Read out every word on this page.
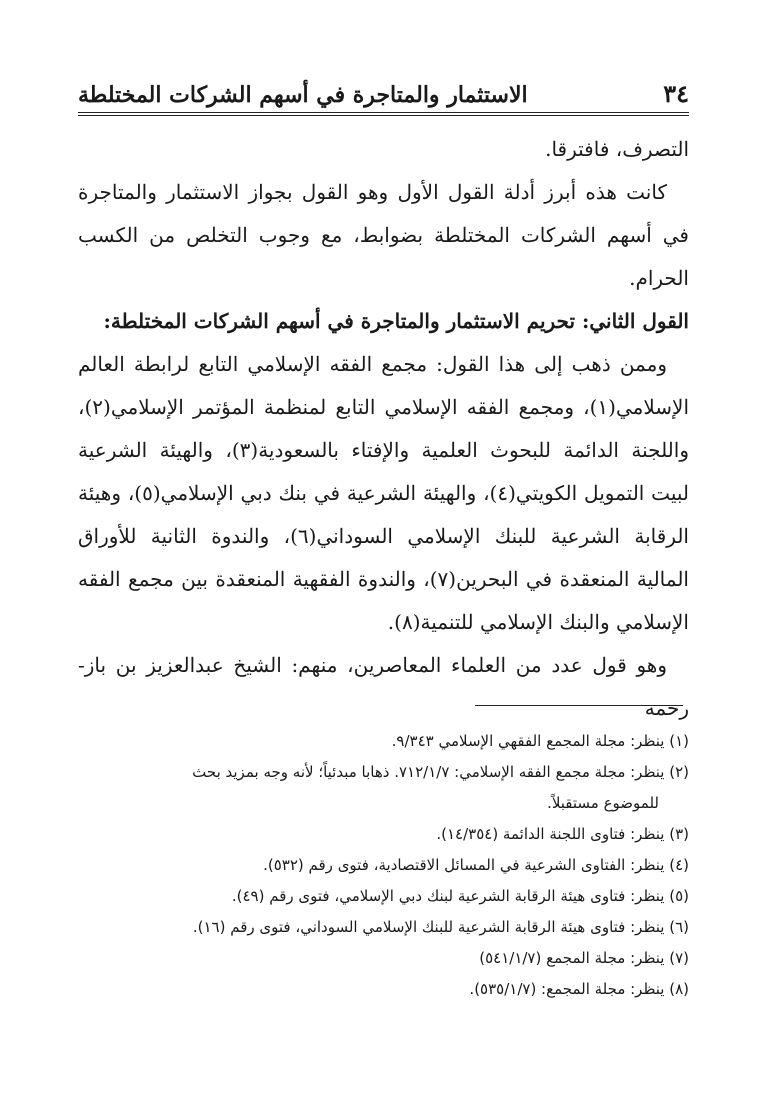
٣٤
الاستثمار والمتاجرة في أسهم الشركات المختلطة

التصرف، فافترقا.

كانت هذه أبرز أدلة القول الأول وهو القول بجواز الاستثمار والمتاجرة في أسهم الشركات المختلطة بضوابط، مع وجوب التخلص من الكسب الحرام.

القول الثاني: تحريم الاستثمار والمتاجرة في أسهم الشركات المختلطة:

وممن ذهب إلى هذا القول: مجمع الفقه الإسلامي التابع لرابطة العالم الإسلامي(١)، ومجمع الفقه الإسلامي التابع لمنظمة المؤتمر الإسلامي(٢)، واللجنة الدائمة للبحوث العلمية والإفتاء بالسعودية(٣)، والهيئة الشرعية لبيت التمويل الكويتي(٤)، والهيئة الشرعية في بنك دبي الإسلامي(٥)، وهيئة الرقابة الشرعية للبنك الإسلامي السوداني(٦)، والندوة الثانية للأوراق المالية المنعقدة في البحرين(٧)، والندوة الفقهية المنعقدة بين مجمع الفقه الإسلامي والبنك الإسلامي للتنمية(٨).

وهو قول عدد من العلماء المعاصرين، منهم: الشيخ عبدالعزيز بن باز-رحمه

(١) ينظر: مجلة المجمع الفقهي الإسلامي ٩/٣٤٣.

(٢) ينظر: مجلة مجمع الفقه الإسلامي: ٧١٢/١/٧. ذهابا مبدئياً؛ لأنه وجه بمزيد بحث

للموضوع مستقبلاً.

(٣) ينظر: فتاوى اللجنة الدائمة (١٤/٣٥٤).

(٤) ينظر: الفتاوى الشرعية في المسائل الاقتصادية، فتوى رقم (٥٣٢).

(٥) ينظر: فتاوى هيئة الرقابة الشرعية لبنك دبي الإسلامي، فتوى رقم (٤٩).

(٦) ينظر: فتاوى هيئة الرقابة الشرعية للبنك الإسلامي السوداني، فتوى رقم (١٦).

(٧) ينظر: مجلة المجمع (٥٤١/١/٧)

(٨) ينظر: مجلة المجمع: (٥٣٥/١/٧).
